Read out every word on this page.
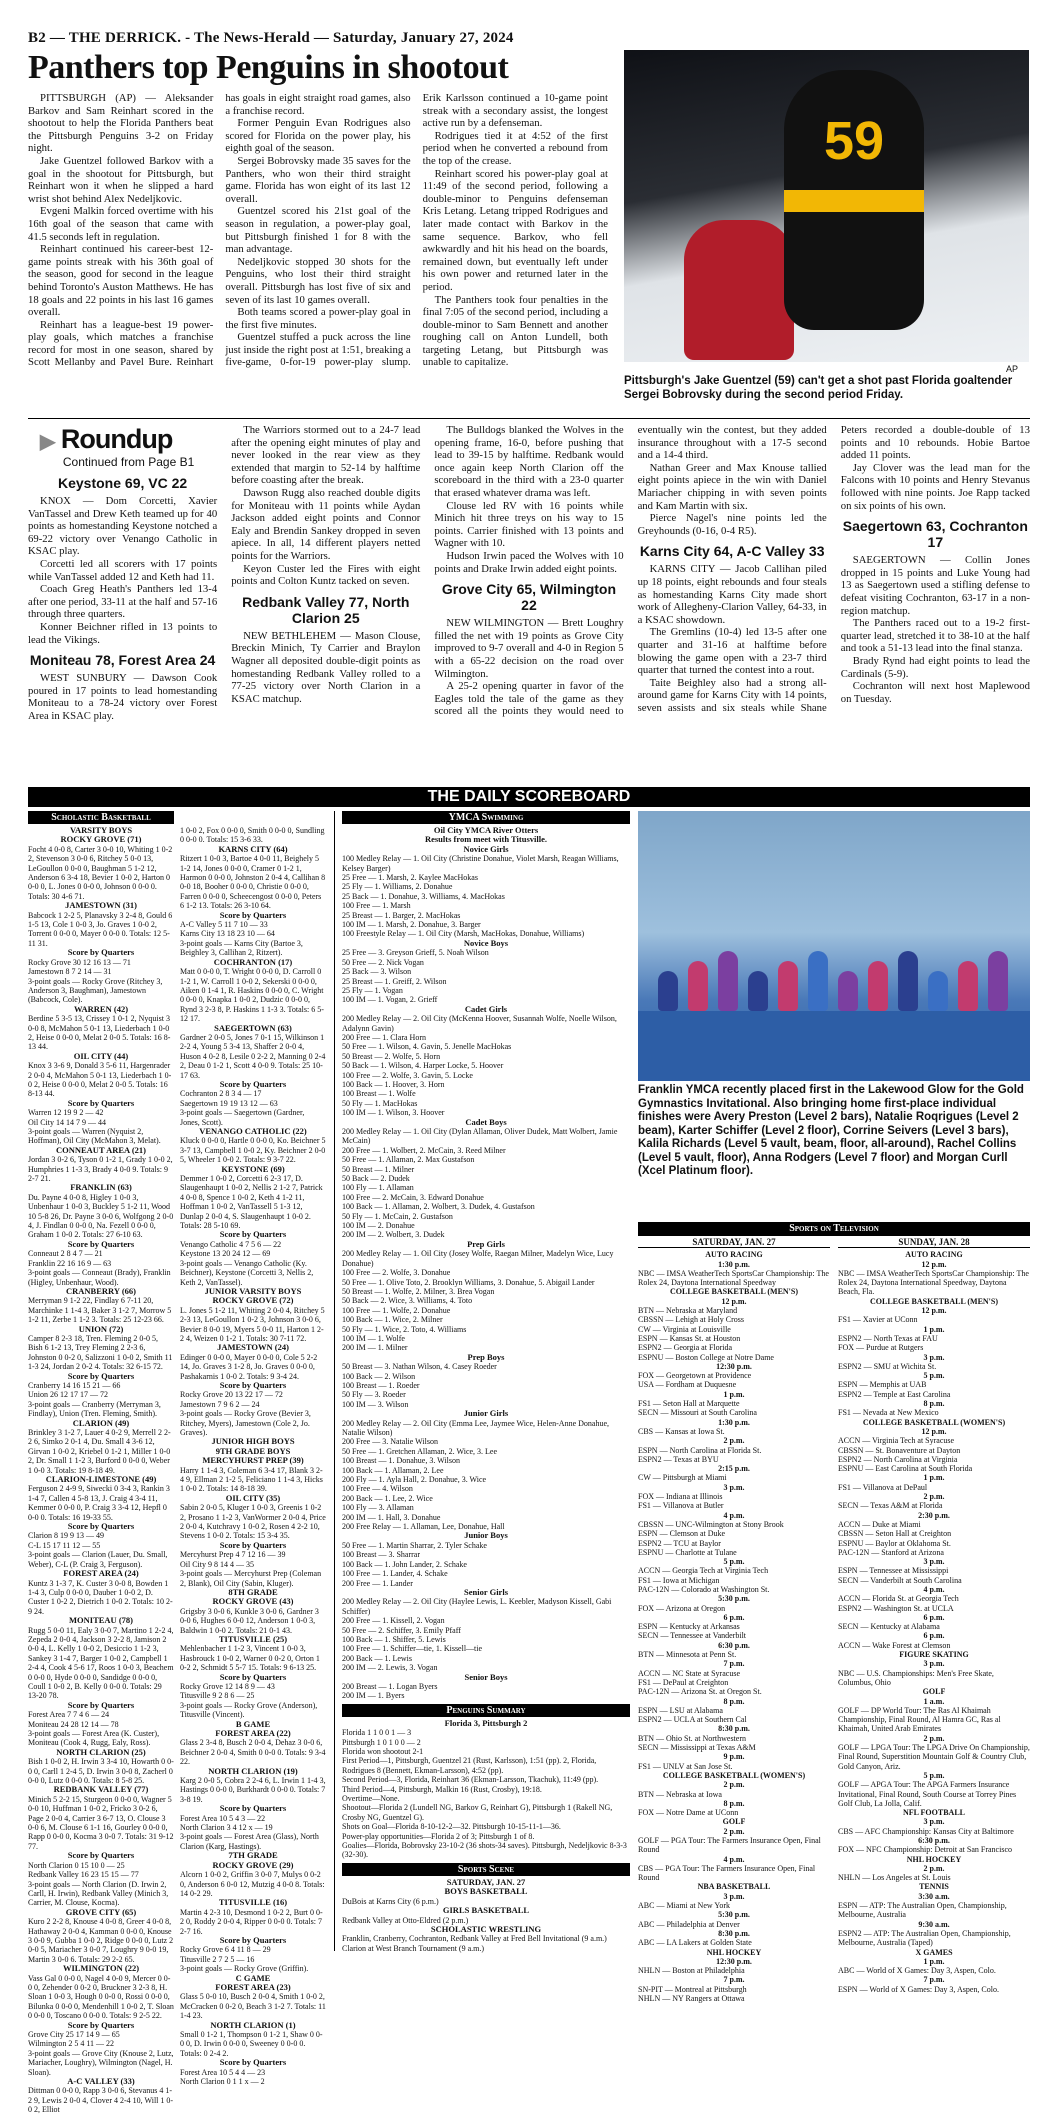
B2 — THE DERRICK. - The News-Herald — Saturday, January 27, 2024
Panthers top Penguins in shootout

PITTSBURGH (AP) — Aleksander Barkov and Sam Reinhart scored in the shootout to help the Florida Panthers beat the Pittsburgh Penguins 3-2 on Friday night.

Jake Guentzel followed Barkov with a goal in the shootout for Pittsburgh, but Reinhart won it when he slipped a hard wrist shot behind Alex Nedeljkovic.

Evgeni Malkin forced overtime with his 16th goal of the season that came with 41.5 seconds left in regulation.

Reinhart continued his career-best 12-game points streak with his 36th goal of the season, good for second in the league behind Toronto's Auston Matthews. He has 18 goals and 22 points in his last 16 games overall.

Reinhart has a league-best 19 power-play goals, which matches a franchise record for most in one season, shared by Scott Mellanby and Pavel Bure. Reinhart has goals in eight straight road games, also a franchise record.

Former Penguin Evan Rodrigues also scored for Florida on the power play, his eighth goal of the season.

Sergei Bobrovsky made 35 saves for the Panthers, who won their third straight game. Florida has won eight of its last 12 overall.

Guentzel scored his 21st goal of the season in regulation, a power-play goal, but Pittsburgh finished 1 for 8 with the man advantage.

Nedeljkovic stopped 30 shots for the Penguins, who lost their third straight overall. Pittsburgh has lost five of six and seven of its last 10 games overall.

Both teams scored a power-play goal in the first five minutes.

Guentzel stuffed a puck across the line just inside the right post at 1:51, breaking a five-game, 0-for-19 power-play slump. Erik Karlsson continued a 10-game point streak with a secondary assist, the longest active run by a defenseman.

Rodrigues tied it at 4:52 of the first period when he converted a rebound from the top of the crease.

Reinhart scored his power-play goal at 11:49 of the second period, following a double-minor to Penguins defenseman Kris Letang. Letang tripped Rodrigues and later made contact with Barkov in the same sequence. Barkov, who fell awkwardly and hit his head on the boards, remained down, but eventually left under his own power and returned later in the period.

The Panthers took four penalties in the final 7:05 of the second period, including a double-minor to Sam Bennett and another roughing call on Anton Lundell, both targeting Letang, but Pittsburgh was unable to capitalize.

59
AP
Pittsburgh's Jake Guentzel (59) can't get a shot past Florida goaltender Sergei Bobrovsky during the second period Friday.

▶ Roundup

Continued from Page B1

Keystone 69, VC 22

KNOX — Dom Corcetti, Xavier VanTassel and Drew Keth teamed up for 40 points as homestanding Keystone notched a 69-22 victory over Venango Catholic in KSAC play.

Corcetti led all scorers with 17 points while VanTassel added 12 and Keth had 11.

Coach Greg Heath's Panthers led 13-4 after one period, 33-11 at the half and 57-16 through three quarters.

Konner Beichner rifled in 13 points to lead the Vikings.

Moniteau 78, Forest Area 24

WEST SUNBURY — Dawson Cook poured in 17 points to lead homestanding Moniteau to a 78-24 victory over Forest Area in KSAC play.

The Warriors stormed out to a 24-7 lead after the opening eight minutes of play and never looked in the rear view as they extended that margin to 52-14 by halftime before coasting after the break.

Dawson Rugg also reached double digits for Moniteau with 11 points while Aydan Jackson added eight points and Connor Ealy and Brendin Sankey dropped in seven apiece. In all, 14 different players netted points for the Warriors.

Keyon Custer led the Fires with eight points and Colton Kuntz tacked on seven.

Redbank Valley 77, North Clarion 25

NEW BETHLEHEM — Mason Clouse, Breckin Minich, Ty Carrier and Braylon Wagner all deposited double-digit points as homestanding Redbank Valley rolled to a 77-25 victory over North Clarion in a KSAC matchup.

The Bulldogs blanked the Wolves in the opening frame, 16-0, before pushing that lead to 39-15 by halftime. Redbank would once again keep North Clarion off the scoreboard in the third with a 23-0 quarter that erased whatever drama was left.

Clouse led RV with 16 points while Minich hit three treys on his way to 15 points. Carrier finished with 13 points and Wagner with 10.

Hudson Irwin paced the Wolves with 10 points and Drake Irwin added eight points.

Grove City 65, Wilmington 22

NEW WILMINGTON — Brett Loughry filled the net with 19 points as Grove City improved to 9-7 overall and 4-0 in Region 5 with a 65-22 decision on the road over Wilmington.

A 25-2 opening quarter in favor of the Eagles told the tale of the game as they scored all the points they would need to eventually win the contest, but they added insurance throughout with a 17-5 second and a 14-4 third.

Nathan Greer and Max Knouse tallied eight points apiece in the win with Daniel Mariacher chipping in with seven points and Kam Martin with six.

Pierce Nagel's nine points led the Greyhounds (0-16, 0-4 R5).

Karns City 64, A-C Valley 33

KARNS CITY — Jacob Callihan piled up 18 points, eight rebounds and four steals as homestanding Karns City made short work of Allegheny-Clarion Valley, 64-33, in a KSAC showdown.

The Gremlins (10-4) led 13-5 after one quarter and 31-16 at halftime before blowing the game open with a 23-7 third quarter that turned the contest into a rout.

Taite Beighley also had a strong all-around game for Karns City with 14 points, seven assists and six steals while Shane Peters recorded a double-double of 13 points and 10 rebounds. Hobie Bartoe added 11 points.

Jay Clover was the lead man for the Falcons with 10 points and Henry Stevanus followed with nine points. Joe Rapp tacked on six points of his own.

Saegertown 63, Cochranton 17

SAEGERTOWN — Collin Jones dropped in 15 points and Luke Young had 13 as Saegertown used a stifling defense to defeat visiting Cochranton, 63-17 in a non-region matchup.

The Panthers raced out to a 19-2 first-quarter lead, stretched it to 38-10 at the half and took a 51-13 lead into the final stanza.

Brady Rynd had eight points to lead the Cardinals (5-9).

Cochranton will next host Maplewood on Tuesday.

THE DAILY SCOREBOARD
Scholastic Basketball
VARSITY BOYS
ROCKY GROVE (71)

Focht 4 0-0 8, Carter 3 0-0 10, Whiting 1 0-2 2, Stevenson 3 0-0 6, Ritchey 5 0-0 13, LeGoullon 0 0-0 0, Baughman 5 1-2 12, Anderson 6 3-4 18, Bevier 1 0-0 2, Harton 0 0-0 0, L. Jones 0 0-0 0, Johnson 0 0-0 0. Totals: 30 4-6 71.

JAMESTOWN (31)

Babcock 1 2-2 5, Planavsky 3 2-4 8, Gould 6 1-5 13, Cole 1 0-0 3, Jo. Graves 1 0-0 2, Torrent 0 0-0 0, Mayer 0 0-0 0. Totals: 12 5-11 31.

Score by Quarters

Rocky Grove 30 12 16 13 — 71

Jamestown 8 7 2 14 — 31

3-point goals — Rocky Grove (Ritchey 3, Anderson 3, Baughman), Jamestown (Babcock, Cole).

WARREN (42)

Berdine 5 3-5 13, Crissey 1 0-1 2, Nyquist 3 0-0 8, McMahon 5 0-1 13, Liederbach 1 0-0 2, Heise 0 0-0 0, Melat 2 0-0 5. Totals: 16 8-13 44.

OIL CITY (44)

Knox 3 3-6 9, Donald 3 5-6 11, Hargenrader 2 0-0 4, McMahon 5 0-1 13, Liederbach 1 0-0 2, Heise 0 0-0 0, Melat 2 0-0 5. Totals: 16 8-13 44.

Score by Quarters

Warren 12 19 9 2 — 42

Oil City 14 14 7 9 — 44

3-point goals — Warren (Nyquist 2, Hoffman), Oil City (McMahon 3, Melat).

CONNEAUT AREA (21)

Jordan 3 0-2 6, Tyson 0 1-2 1, Grady 1 0-0 2, Humphries 1 1-3 3, Brady 4 0-0 9. Totals: 9 2-7 21.

FRANKLIN (63)

Du. Payne 4 0-0 8, Higley 1 0-0 3, Unbenhaur 1 0-0 3, Buckley 5 1-2 11, Wood 10 5-8 26, Dr. Payne 3 0-0 6, Wolfgong 2 0-0 4, J. Findlan 0 0-0 0, Na. Fezell 0 0-0 0, Graham 1 0-0 2. Totals: 27 6-10 63.

Score by Quarters

Conneaut 2 8 4 7 — 21

Franklin 22 16 16 9 — 63

3-point goals — Conneaut (Brady), Franklin (Higley, Unbenhaur, Wood).

CRANBERRY (66)

Merryman 9 1-2 22, Findlay 6 7-11 20, Marchinke 1 1-4 3, Baker 3 1-2 7, Morrow 5 1-2 11, Zerbe 1 1-2 3. Totals: 25 12-23 66.

UNION (72)

Camper 8 2-3 18, Tren. Fleming 2 0-0 5, Bish 6 1-2 13, Trey Fleming 2 2-3 6, Johnston 0 0-2 0, Salizzoni 1 0-0 2, Smith 11 1-3 24, Jordan 2 0-2 4. Totals: 32 6-15 72.

Score by Quarters

Cranberry 14 16 15 21 — 66

Union 26 12 17 17 — 72

3-point goals — Cranberry (Merryman 3, Findlay), Union (Tren. Fleming, Smith).

CLARION (49)

Brinkley 3 1-2 7, Lauer 4 0-2 9, Merrell 2 2-2 6, Simko 2 0-1 4, Du. Small 4 3-6 12, Girvan 1 0-0 2, Kriebel 0 1-2 1, Miller 1 0-0 2, Dr. Small 1 1-2 3, Burford 0 0-0 0, Weber 1 0-0 3. Totals: 19 8-18 49.

CLARION-LIMESTONE (49)

Ferguson 2 4-9 9, Siwecki 0 3-4 3, Rankin 3 1-4 7, Callen 4 5-8 13, J. Craig 4 3-4 11, Kemmer 0 0-0 0, P. Craig 3 3-4 12, Hepfl 0 0-0 0. Totals: 16 19-33 55.

Score by Quarters

Clarion 8 19 9 13 — 49

C-L 15 17 11 12 — 55

3-point goals — Clarion (Lauer, Du. Small, Weber), C-L (P. Craig 3, Ferguson).

FOREST AREA (24)

Kuntz 3 1-3 7, K. Custer 3 0-0 8, Bowden 1 1-4 3, Culp 0 0-0 0, Dauber 1 0-0 2, D. Custer 1 0-2 2, Dietrich 1 0-0 2. Totals: 10 2-9 24.

MONITEAU (78)

Rugg 5 0-0 11, Ealy 3 0-0 7, Martino 1 2-2 4, Zepeda 2 0-0 4, Jackson 3 2-2 8, Jamison 2 0-0 4, L. Kelly 1 0-0 2, Desiccio 1 1-2 3, Sankey 3 1-4 7, Barger 1 0-0 2, Campbell 1 2-4 4, Cook 4 5-6 17, Roos 1 0-0 3, Beachem 0 0-0 0, Hyde 0 0-0 0, Sandidge 0 0-0 0, Coull 1 0-0 2, B. Kelly 0 0-0 0. Totals: 29 13-20 78.

Score by Quarters

Forest Area 7 7 4 6 — 24

Moniteau 24 28 12 14 — 78

3-point goals — Forest Area (K. Custer), Moniteau (Cook 4, Rugg, Ealy, Ross).

NORTH CLARION (25)

Bish 1 0-0 2, H. Irwin 3 3-4 10, Howarth 0 0-0 0, Carll 1 2-4 5, D. Irwin 3 0-0 8, Zacherl 0 0-0 0, Lutz 0 0-0 0. Totals: 8 5-8 25.

REDBANK VALLEY (77)

Minich 5 2-2 15, Sturgeon 0 0-0 0, Wagner 5 0-0 10, Huffman 1 0-0 2, Fricko 3 0-2 6, Page 2 0-0 4, Carrier 3 6-7 13, O. Clouse 3 0-0 6, M. Clouse 6 1-1 16, Gourley 0 0-0 0, Rapp 0 0-0 0, Kocma 3 0-0 7. Totals: 31 9-12 77.

Score by Quarters

North Clarion 0 15 10 0 — 25

Redbank Valley 16 23 15 15 — 77

3-point goals — North Clarion (D. Irwin 2, Carll, H. Irwin), Redbank Valley (Minich 3, Carrier, M. Clouse, Kocma).

GROVE CITY (65)

Kuro 2 2-2 8, Knouse 4 0-0 8, Greer 4 0-0 8, Hathaway 2 0-0 4, Kamman 0 0-0 0, Knouse 3 0-0 9, Gubba 1 0-0 2, Ridge 0 0-0 0, Lutz 2 0-0 5, Mariacher 3 0-0 7, Loughry 9 0-0 19, Martin 3 0-0 6. Totals: 29 2-2 65.

WILMINGTON (22)

Vass Gal 0 0-0 0, Nagel 4 0-0 9, Mercer 0 0-0 0, Zehender 0 0-2 0, Bruckner 3 2-3 8, H. Sloan 1 0-0 3, Hough 0 0-0 0, Rossi 0 0-0 0, Bilunka 0 0-0 0, Mendenhill 1 0-0 2, T. Sloan 0 0-0 0, Toscano 0 0-0 0. Totals: 9 2-5 22.

Score by Quarters

Grove City 25 17 14 9 — 65

Wilmington 2 5 4 11 — 22

3-point goals — Grove City (Knouse 2, Lutz, Mariacher, Loughry), Wilmington (Nagel, H. Sloan).

A-C VALLEY (33)

Dittman 0 0-0 0, Rapp 3 0-0 6, Stevanus 4 1-2 9, Lewis 2 0-0 4, Clover 4 2-4 10, Will 1 0-0 2, Elliot

1 0-0 2, Fox 0 0-0 0, Smith 0 0-0 0, Sundling 0 0-0 0. Totals: 15 3-6 33.

KARNS CITY (64)

Ritzert 1 0-0 3, Bartoe 4 0-0 11, Beighely 5 1-2 14, Jones 0 0-0 0, Cramer 0 1-2 1, Harmon 0 0-0 0, Johnston 2 0-4 4, Callihan 8 0-0 18, Booher 0 0-0 0, Christie 0 0-0 0, Farren 0 0-0 0, Scheecengost 0 0-0 0, Peters 6 1-2 13. Totals: 26 3-10 64.

Score by Quarters

A-C Valley 5 11 7 10 — 33

Karns City 13 18 23 10 — 64

3-point goals — Karns City (Bartoe 3, Beighley 3, Callihan 2, Ritzert).

COCHRANTON (17)

Matt 0 0-0 0, T. Wright 0 0-0 0, D. Carroll 0 1-2 1, W. Carroll 1 0-0 2, Sekerski 0 0-0 0, Aiken 0 1-4 1, R. Haskins 0 0-0 0, C. Wright 0 0-0 0, Knapka 1 0-0 2, Dudzic 0 0-0 0, Rynd 3 2-3 8, P. Haskins 1 1-3 3. Totals: 6 5-12 17.

SAEGERTOWN (63)

Gardner 2 0-0 5, Jones 7 0-1 15, Wilkinson 1 2-2 4, Young 5 3-4 13, Shaffer 2 0-0 4, Huson 4 0-2 8, Lesile 0 2-2 2, Manning 0 2-4 2, Deau 0 1-2 1, Scott 4 0-0 9. Totals: 25 10-17 63.

Score by Quarters

Cochranton 2 8 3 4 — 17

Saegertown 19 19 13 12 — 63

3-point goals — Saegertown (Gardner, Jones, Scott).

VENANGO CATHOLIC (22)

Kluck 0 0-0 0, Hartle 0 0-0 0, Ko. Beichner 5 3-7 13, Campbell 1 0-0 2, Ky. Beichner 2 0-0 5, Wheeler 1 0-0 2. Totals: 9 3-7 22.

KEYSTONE (69)

Demmer 1 0-0 2, Corcetti 6 2-3 17, D. Slaugenhaupt 1 0-0 2, Nellis 2 1-2 7, Patrick 4 0-0 8, Spence 1 0-0 2, Keth 4 1-2 11, Hoffman 1 0-0 2, VanTassell 5 1-3 12, Dunlap 2 0-0 4, S. Slaugenhaupt 1 0-0 2. Totals: 28 5-10 69.

Score by Quarters

Venango Catholic 4 7 5 6 — 22

Keystone 13 20 24 12 — 69

3-point goals — Venango Catholic (Ky. Beichner), Keystone (Corcetti 3, Nellis 2, Keth 2, VanTassel).

JUNIOR VARSITY BOYS
ROCKY GROVE (72)

L. Jones 5 1-2 11, Whiting 2 0-0 4, Ritchey 5 2-3 13, LeGoullon 1 0-2 3, Johnson 3 0-0 6, Bevier 8 0-0 19, Myers 5 0-0 11, Harton 1 2-2 4, Weizen 0 1-2 1. Totals: 30 7-11 72.

JAMESTOWN (24)

Edinger 0 0-0 0, Mayer 0 0-0 0, Cole 5 2-2 14, Jo. Graves 3 1-2 8, Jo. Graves 0 0-0 0, Pashakarnis 1 0-0 2. Totals: 9 3-4 24.

Score by Quarters

Rocky Grove 20 13 22 17 — 72

Jamestown 7 9 6 2 — 24

3-point goals — Rocky Grove (Bevier 3, Ritchey, Myers), Jamestown (Cole 2, Jo. Graves).

JUNIOR HIGH BOYS
9TH GRADE BOYS
MERCYHURST PREP (39)

Harry 1 1-4 3, Coleman 6 3-4 17, Blank 3 2-4 9, Ellman 2 1-2 5, Feliciano 1 1-4 3, Hicks 1 0-0 2. Totals: 14 8-18 39.

OIL CITY (35)

Sabin 2 0-0 5, Kluger 1 0-0 3, Greenis 1 0-2 2, Prosano 1 1-2 3, VanWormer 2 0-0 4, Price 2 0-0 4, Kutchravy 1 0-0 2, Rosen 4 2-2 10, Stevens 1 0-0 2. Totals: 15 3-4 35.

Score by Quarters

Mercyhurst Prep 4 7 12 16 — 39

Oil City 9 8 14 4 — 35

3-point goals — Mercyhurst Prep (Coleman 2, Blank), Oil City (Sabin, Kluger).

8TH GRADE
ROCKY GROVE (43)

Grigsby 3 0-0 6, Kunkle 3 0-0 6, Gardner 3 0-0 6, Hughes 6 0-0 12, Anderson 1 0-0 3, Baldwin 1 0-0 2. Totals: 21 0-1 43.

TITUSVILLE (25)

Mehlenbacher 1 1-2 3, Vincent 1 0-0 3, Hasbrouck 1 0-0 2, Warner 0 0-2 0, Orton 1 0-2 2, Schmidt 5 5-7 15. Totals: 9 6-13 25.

Score by Quarters

Rocky Grove 12 14 8 9 — 43

Titusville 9 2 8 6 — 25

3-point goals — Rocky Grove (Anderson), Titusville (Vincent).

B GAME
FOREST AREA (22)

Glass 2 3-4 8, Busch 2 0-0 4, Dehaz 3 0-0 6, Beichner 2 0-0 4, Smith 0 0-0 0. Totals: 9 3-4 22.

NORTH CLARION (19)

Karg 2 0-0 5, Cobra 2 2-4 6, L. Irwin 1 1-4 3, Hastings 0 0-0 0, Burkhardt 0 0-0 0. Totals: 7 3-8 19.

Score by Quarters

Forest Area 10 5 4 3 — 22

North Clarion 3 4 12 x — 19

3-point goals — Forest Area (Glass), North Clarion (Karg, Hastings).

7TH GRADE
ROCKY GROVE (29)

Alcorn 1 0-0 2, Griffin 3 0-0 7, Mulys 0 0-2 0, Anderson 6 0-0 12, Mutzig 4 0-0 8. Totals: 14 0-2 29.

TITUSVILLE (16)

Martin 4 2-3 10, Desmond 1 0-2 2, Burt 0 0-2 0, Roddy 2 0-0 4, Ripper 0 0-0 0. Totals: 7 2-7 16.

Score by Quarters

Rocky Grove 6 4 11 8 — 29

Titusville 2 7 2 5 — 16

3-point goals — Rocky Grove (Griffin).

C GAME
FOREST AREA (23)

Glass 5 0-0 10, Busch 2 0-0 4, Smith 1 0-0 2, McCracken 0 0-2 0, Beach 3 1-2 7. Totals: 11 1-4 23.

NORTH CLARION (1)

Small 0 1-2 1, Thompson 0 1-2 1, Shaw 0 0-0 0, D. Irwin 0 0-0 0, Sweeney 0 0-0 0. Totals: 0 2-4 2.

Score by Quarters

Forest Area 10 5 4 4 — 23

North Clarion 0 1 1 x — 2

YMCA Swimming
Oil City YMCA River Otters
Results from meet with Titusville.
Novice Girls

100 Medley Relay — 1. Oil City (Christine Donahue, Violet Marsh, Reagan Williams, Kelsey Barger)

25 Free — 1. Marsh, 2. Kaylee MacHokas

25 Fly — 1. Williams, 2. Donahue

25 Back — 1. Donahue, 3. Williams, 4. MacHokas

100 Free — 1. Marsh

25 Breast — 1. Barger, 2. MacHokas

100 IM — 1. Marsh, 2. Donahue, 3. Barger

100 Freestyle Relay — 1. Oil City (Marsh, MacHokas, Donahue, Williams)

Novice Boys

25 Free — 3. Greyson Grieff, 5. Noah Wilson

50 Free — 2. Nick Vogan

25 Back — 3. Wilson

25 Breast — 1. Greiff, 2. Wilson

25 Fly — 1. Vogan

100 IM — 1. Vogan, 2. Grieff

Cadet Girls

200 Medley Relay — 2. Oil City (McKenna Hoover, Susannah Wolfe, Noelle Wilson, Adalynn Gavin)

200 Free — 1. Clara Horn

50 Free — 1. Wilson, 4. Gavin, 5. Jenelle MacHokas

50 Breast — 2. Wolfe, 5. Horn

50 Back — 1. Wilson, 4. Harper Locke, 5. Hoover

100 Free — 2. Wolfe, 3. Gavin, 5. Locke

100 Back — 1. Hoover, 3. Horn

100 Breast — 1. Wolfe

50 Fly — 1. MacHokas

100 IM — 1. Wilson, 3. Hoover

Cadet Boys

200 Medley Relay — 1. Oil City (Dylan Allaman, Oliver Dudek, Matt Wolbert, Jamie McCain)

200 Free — 1. Wolbert, 2. McCain, 3. Reed Milner

50 Free — 1. Allaman, 2. Max Gustafson

50 Breast — 1. Milner

50 Back — 2. Dudek

100 Fly — 1. Allaman

100 Free — 2. McCain, 3. Edward Donahue

100 Back — 1. Allaman, 2. Wolbert, 3. Dudek, 4. Gustafson

50 Fly — 1. McCain, 2. Gustafson

100 IM — 2. Donahue

200 IM — 2. Wolbert, 3. Dudek

Prep Girls

200 Medley Relay — 1. Oil City (Josey Wolfe, Raegan Milner, Madelyn Wice, Lucy Donahue)

100 Free — 2. Wolfe, 3. Donahue

50 Free — 1. Olive Toto, 2. Brooklyn Williams, 3. Donahue, 5. Abigail Lander

50 Breast — 1. Wolfe, 2. Milner, 3. Brea Vogan

50 Back — 2. Wice, 3. Williams, 4. Toto

100 Free — 1. Wolfe, 2. Donahue

100 Back — 1. Wice, 2. Milner

50 Fly — 1. Wice, 2. Toto, 4. Williams

100 IM — 1. Wolfe

200 IM — 1. Milner

Prep Boys

50 Breast — 3. Nathan Wilson, 4. Casey Roeder

100 Back — 2. Wilson

100 Breast — 1. Roeder

50 Fly — 3. Roeder

100 IM — 3. Wilson

Junior Girls

200 Medley Relay — 2. Oil City (Emma Lee, Jaymee Wice, Helen-Anne Donahue, Natalie Wilson)

200 Free — 3. Natalie Wilson

50 Free — 1. Gretchen Allaman, 2. Wice, 3. Lee

100 Breast — 1. Donahue, 3. Wilson

100 Back — 1. Allaman, 2. Lee

200 Fly — 1. Ayla Hall, 2. Donahue, 3. Wice

100 Free — 4. Wilson

200 Back — 1. Lee, 2. Wice

100 Fly — 3. Allaman

200 IM — 1. Hall, 3. Donahue

200 Free Relay — 1. Allaman, Lee, Donahue, Hall

Junior Boys

50 Free — 1. Martin Sharrar, 2. Tyler Schake

100 Breast — 3. Sharrar

100 Back — 1. John Lander, 2. Schake

100 Free — 1. Lander, 4. Schake

200 Free — 1. Lander

Senior Girls

200 Medley Relay — 2. Oil City (Haylee Lewis, L. Keebler, Madyson Kissell, Gabi Schiffer)

200 Free — 1. Kissell, 2. Vogan

50 Free — 2. Schiffer, 3. Emily Pfaff

100 Back — 1. Shiffer, 5. Lewis

100 Free — 1. Schiffer—tie, 1. Kissell—tie

200 Back — 1. Lewis

200 IM — 2. Lewis, 3. Vogan

Senior Boys

200 Breast — 1. Logan Byers

200 IM — 1. Byers

Penguins Summary
Florida 3, Pittsburgh 2

Florida 1 1 0 0 1 — 3

Pittsburgh 1 0 1 0 0 — 2

Florida won shootout 2-1

First Period—1, Pittsburgh, Guentzel 21 (Rust, Karlsson), 1:51 (pp). 2, Florida, Rodrigues 8 (Bennett, Ekman-Larsson), 4:52 (pp).

Second Period—3, Florida, Reinhart 36 (Ekman-Larsson, Tkachuk), 11:49 (pp).

Third Period—4, Pittsburgh, Malkin 16 (Rust, Crosby), 19:18.

Overtime—None.

Shootout—Florida 2 (Lundell NG, Barkov G, Reinhart G), Pittsburgh 1 (Rakell NG, Crosby NG, Guentzel G).

Shots on Goal—Florida 8-10-12-2—32. Pittsburgh 10-15-11-1—36.

Power-play opportunities—Florida 2 of 3; Pittsburgh 1 of 8.

Goalies—Florida, Bobrovsky 23-10-2 (36 shots-34 saves). Pittsburgh, Nedeljkovic 8-3-3 (32-30).

Sports Scene
SATURDAY, JAN. 27
BOYS BASKETBALL

DuBois at Karns City (6 p.m.)

GIRLS BASKETBALL

Redbank Valley at Otto-Eldred (2 p.m.)

SCHOLASTIC WRESTLING

Franklin, Cranberry, Cochranton, Redbank Valley at Fred Bell Invitational (9 a.m.)

Clarion at West Branch Tournament (9 a.m.)

Franklin YMCA recently placed first in the Lakewood Glow for the Gold Gymnastics Invitational. Also bringing home first-place individual finishes were Avery Preston (Level 2 bars), Natalie Roqrigues (Level 2 beam), Karter Schiffer (Level 2 floor), Corrine Seivers (Level 3 bars), Kalila Richards (Level 5 vault, beam, floor, all-around), Rachel Collins (Level 5 vault, floor), Anna Rodgers (Level 7 floor) and Morgan Curll (Xcel Platinum floor).
Sports on Television
SATURDAY, JAN. 27
AUTO RACING
1:30 p.m.

NBC — IMSA WeatherTech SportsCar Championship: The Rolex 24, Daytona International Speedway

COLLEGE BASKETBALL (MEN'S)
12 p.m.

BTN — Nebraska at Maryland

CBSSN — Lehigh at Holy Cross

CW — Virginia at Louisville

ESPN — Kansas St. at Houston

ESPN2 — Georgia at Florida

ESPNU — Boston College at Notre Dame

12:30 p.m.

FOX — Georgetown at Providence

USA — Fordham at Duquesne

1 p.m.

FS1 — Seton Hall at Marquette

SECN — Missouri at South Carolina

1:30 p.m.

CBS — Kansas at Iowa St.

2 p.m.

ESPN — North Carolina at Florida St.

ESPN2 — Texas at BYU

2:15 p.m.

CW — Pittsburgh at Miami

3 p.m.

FOX — Indiana at Illinois

FS1 — Villanova at Butler

4 p.m.

CBSSN — UNC-Wilmington at Stony Brook

ESPN — Clemson at Duke

ESPN2 — TCU at Baylor

ESPNU — Charlotte at Tulane

5 p.m.

ACCN — Georgia Tech at Virginia Tech

FS1 — Iowa at Michigan

PAC-12N — Colorado at Washington St.

5:30 p.m.

FOX — Arizona at Oregon

6 p.m.

ESPN — Kentucky at Arkansas

SECN — Tennessee at Vanderbilt

6:30 p.m.

BTN — Minnesota at Penn St.

7 p.m.

ACCN — NC State at Syracuse

FS1 — DePaul at Creighton

PAC-12N — Arizona St. at Oregon St.

8 p.m.

ESPN — LSU at Alabama

ESPN2 — UCLA at Southern Cal

8:30 p.m.

BTN — Ohio St. at Northwestern

SECN — Mississippi at Texas A&M

9 p.m.

FS1 — UNLV at San Jose St.

COLLEGE BASKETBALL (WOMEN'S)
2 p.m.

BTN — Nebraska at Iowa

8 p.m.

FOX — Notre Dame at UConn

GOLF
2 p.m.

GOLF — PGA Tour: The Farmers Insurance Open, Final Round

4 p.m.

CBS — PGA Tour: The Farmers Insurance Open, Final Round

NBA BASKETBALL
3 p.m.

ABC — Miami at New York

5:30 p.m.

ABC — Philadelphia at Denver

8:30 p.m.

ABC — LA Lakers at Golden State

NHL HOCKEY
12:30 p.m.

NHLN — Boston at Philadelphia

7 p.m.

SN-PIT — Montreal at Pittsburgh

NHLN — NY Rangers at Ottawa

SUNDAY, JAN. 28
AUTO RACING
12 p.m.

NBC — IMSA WeatherTech SportsCar Championship: The Rolex 24, Daytona International Speedway, Daytona Beach, Fla.

COLLEGE BASKETBALL (MEN'S)
12 p.m.

FS1 — Xavier at UConn

1 p.m.

ESPN2 — North Texas at FAU

FOX — Purdue at Rutgers

3 p.m.

ESPN2 — SMU at Wichita St.

5 p.m.

ESPN — Memphis at UAB

ESPN2 — Temple at East Carolina

8 p.m.

FS1 — Nevada at New Mexico

COLLEGE BASKETBALL (WOMEN'S)
12 p.m.

ACCN — Virginia Tech at Syracuse

CBSSN — St. Bonaventure at Dayton

ESPN2 — North Carolina at Virginia

ESPNU — East Carolina at South Florida

1 p.m.

FS1 — Villanova at DePaul

2 p.m.

SECN — Texas A&M at Florida

2:30 p.m.

ACCN — Duke at Miami

CBSSN — Seton Hall at Creighton

ESPNU — Baylor at Oklahoma St.

PAC-12N — Stanford at Arizona

3 p.m.

ESPN — Tennessee at Mississippi

SECN — Vanderbilt at South Carolina

4 p.m.

ACCN — Florida St. at Georgia Tech

ESPN2 — Washington St. at UCLA

6 p.m.

SECN — Kentucky at Alabama

6 p.m.

ACCN — Wake Forest at Clemson

FIGURE SKATING
3 p.m.

NBC — U.S. Championships: Men's Free Skate, Columbus, Ohio

GOLF
1 a.m.

GOLF — DP World Tour: The Ras Al Khaimah Championship, Final Round, Al Hamra GC, Ras al Khaimah, United Arab Emirates

2 p.m.

GOLF — LPGA Tour: The LPGA Drive On Championship, Final Round, Superstition Mountain Golf & Country Club, Gold Canyon, Ariz.

5 p.m.

GOLF — APGA Tour: The APGA Farmers Insurance Invitational, Final Round, South Course at Torrey Pines Golf Club, La Jolla, Calif.

NFL FOOTBALL
3 p.m.

CBS — AFC Championship: Kansas City at Baltimore

6:30 p.m.

FOX — NFC Championship: Detroit at San Francisco

NHL HOCKEY
2 p.m.

NHLN — Los Angeles at St. Louis

TENNIS
3:30 a.m.

ESPN — ATP: The Australian Open, Championship, Melbourne, Australia

9:30 a.m.

ESPN2 — ATP: The Australian Open, Championship, Melbourne, Australia (Taped)

X GAMES
1 p.m.

ABC — World of X Games: Day 3, Aspen, Colo.

7 p.m.

ESPN — World of X Games: Day 3, Aspen, Colo.
